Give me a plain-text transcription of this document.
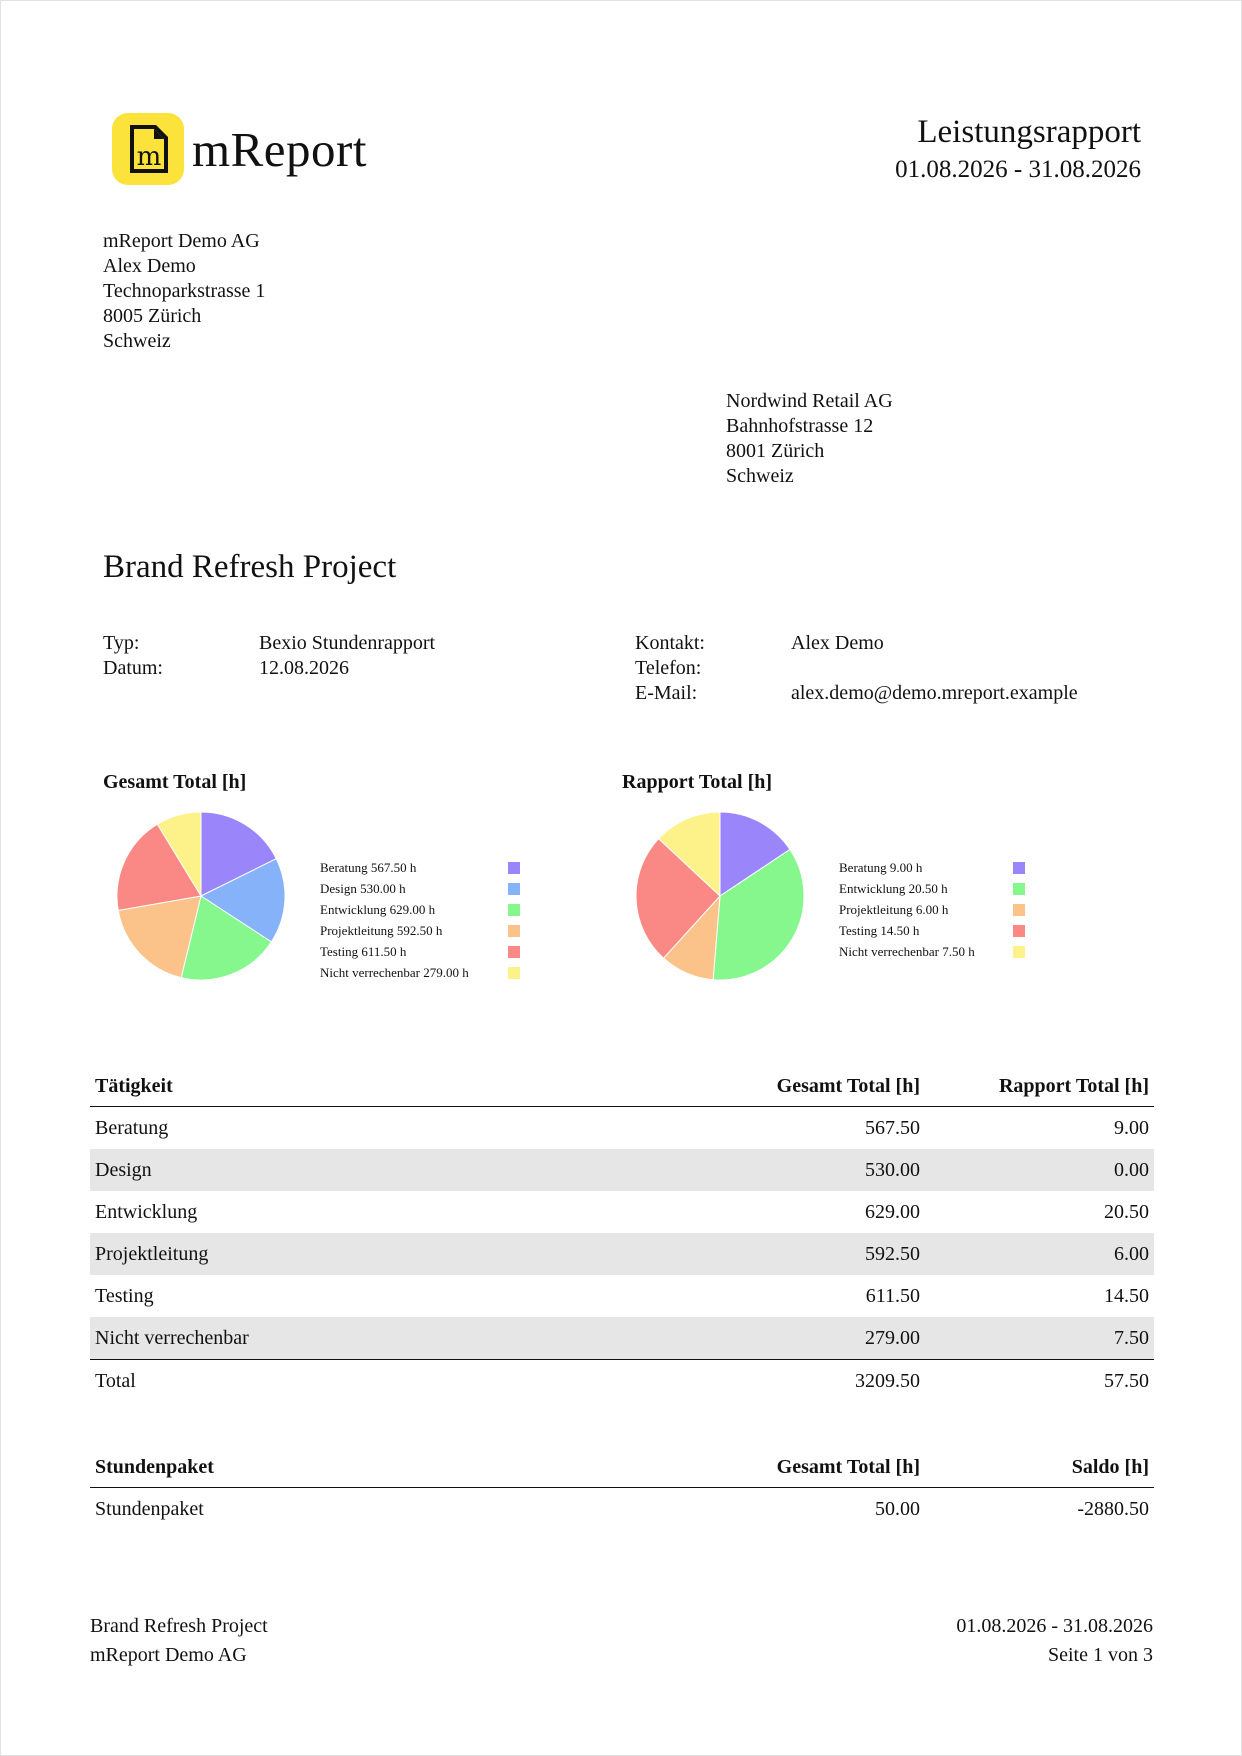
m mReport	Leistungsrapport
01.08.2026 - 31.08.2026
mReport Demo AG
Alex Demo
Technoparkstrasse 1
8005 Zürich
Schweiz
Nordwind Retail AG
Bahnhofstrasse 12
8001 Zürich
Schweiz
Brand Refresh Project
Typ:	Bexio Stundenrapport
Datum:	12.08.2026
Kontakt:	Alex Demo
Telefon:
E-Mail:	alex.demo@demo.mreport.example
Gesamt Total [h]	Rapport Total [h]
Beratung 567.50 h
Design 530.00 h
Entwicklung 629.00 h
Projektleitung 592.50 h
Testing 611.50 h
Nicht verrechenbar 279.00 h
Beratung 9.00 h
Entwicklung 20.50 h
Projektleitung 6.00 h
Testing 14.50 h
Nicht verrechenbar 7.50 h
Tätigkeit	Gesamt Total [h]	Rapport Total [h]
Beratung	567.50	9.00
Design	530.00	0.00
Entwicklung	629.00	20.50
Projektleitung	592.50	6.00
Testing	611.50	14.50
Nicht verrechenbar	279.00	7.50
Total	3209.50	57.50
Stundenpaket	Gesamt Total [h]	Saldo [h]
Stundenpaket	50.00	-2880.50
Brand Refresh Project
mReport Demo AG
01.08.2026 - 31.08.2026
Seite 1 von 3
